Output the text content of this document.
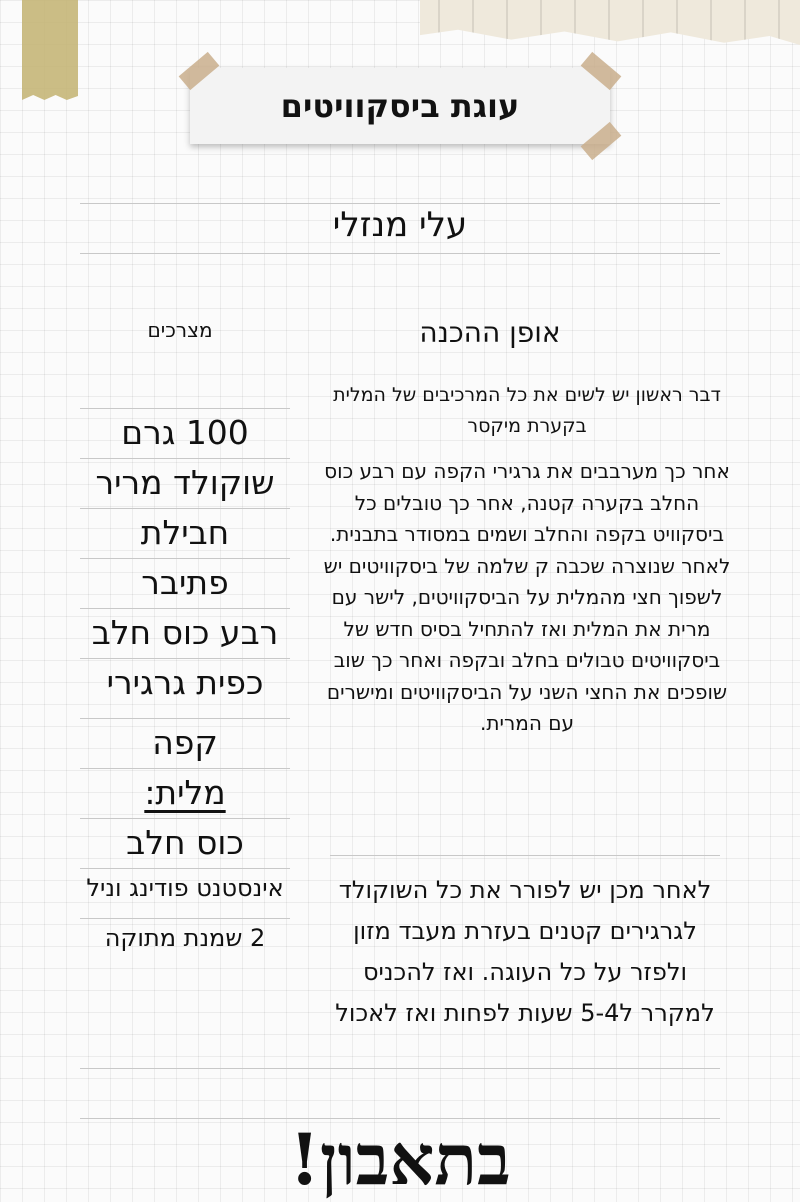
עוגת ביסקוויטים
עלי מנזלי
אופן ההכנה
מצרכים
100 גרם
שוקולד מריר
חבילת
פתיבר
רבע כוס חלב
כפית גרגירי
קפה
מלית:
כוס חלב
אינסטנט פודינג וניל
2 שמנת מתוקה
דבר ראשון יש לשים את כל המרכיבים של המלית בקערת מיקסר
אחר כך מערבבים את גרגירי הקפה עם רבע כוס החלב בקערה קטנה, אחר כך טובלים כל ביסקוויט בקפה והחלב ושמים במסודר בתבנית. לאחר שנוצרה שכבה ק שלמה של ביסקוויטים יש לשפוך חצי מהמלית על הביסקוויטים, לישר עם מרית את המלית ואז להתחיל בסיס חדש של ביסקוויטים טבולים בחלב ובקפה ואחר כך שוב שופכים את החצי השני על הביסקוויטים ומישרים עם המרית.
לאחר מכן יש לפורר את כל השוקולד לגרגירים קטנים בעזרת מעבד מזון ולפזר על כל העוגה. ואז להכניס למקרר ל5-4 שעות לפחות ואז לאכול
בתאבון!
